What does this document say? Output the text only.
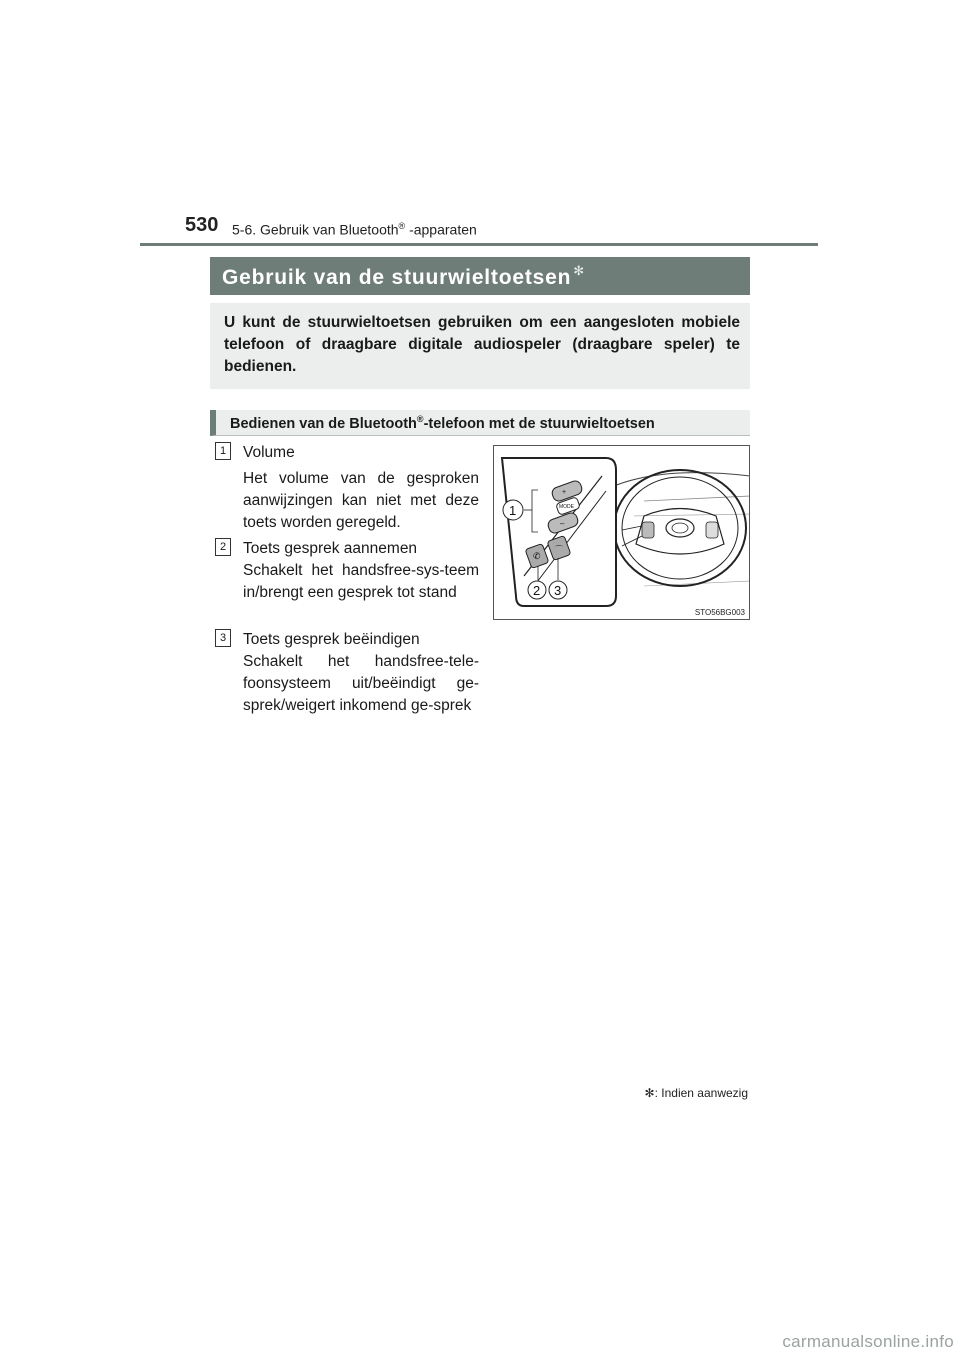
530 5-6. Gebruik van Bluetooth® -apparaten
Gebruik van de stuurwieltoetsen ✻
U kunt de stuurwieltoetsen gebruiken om een aangesloten mobiele telefoon of draagbare digitale audiospeler (draagbare speler) te bedienen.
Bedienen van de Bluetooth®-telefoon met de stuurwieltoetsen
1	Volume
Het volume van de gesproken aanwijzingen kan niet met deze toets worden geregeld.
2	Toets gesprek aannemen
Schakelt het handsfree-sys-teem in/brengt een gesprek tot stand
3	Toets gesprek beëindigen
Schakelt het handsfree-tele-foonsysteem uit/beëindigt ge-sprek/weigert inkomend ge-sprek
+
MODE
–
✆
⌒
1
2 3
STO56BG003
✻: Indien aanwezig
carmanualsonline.info
